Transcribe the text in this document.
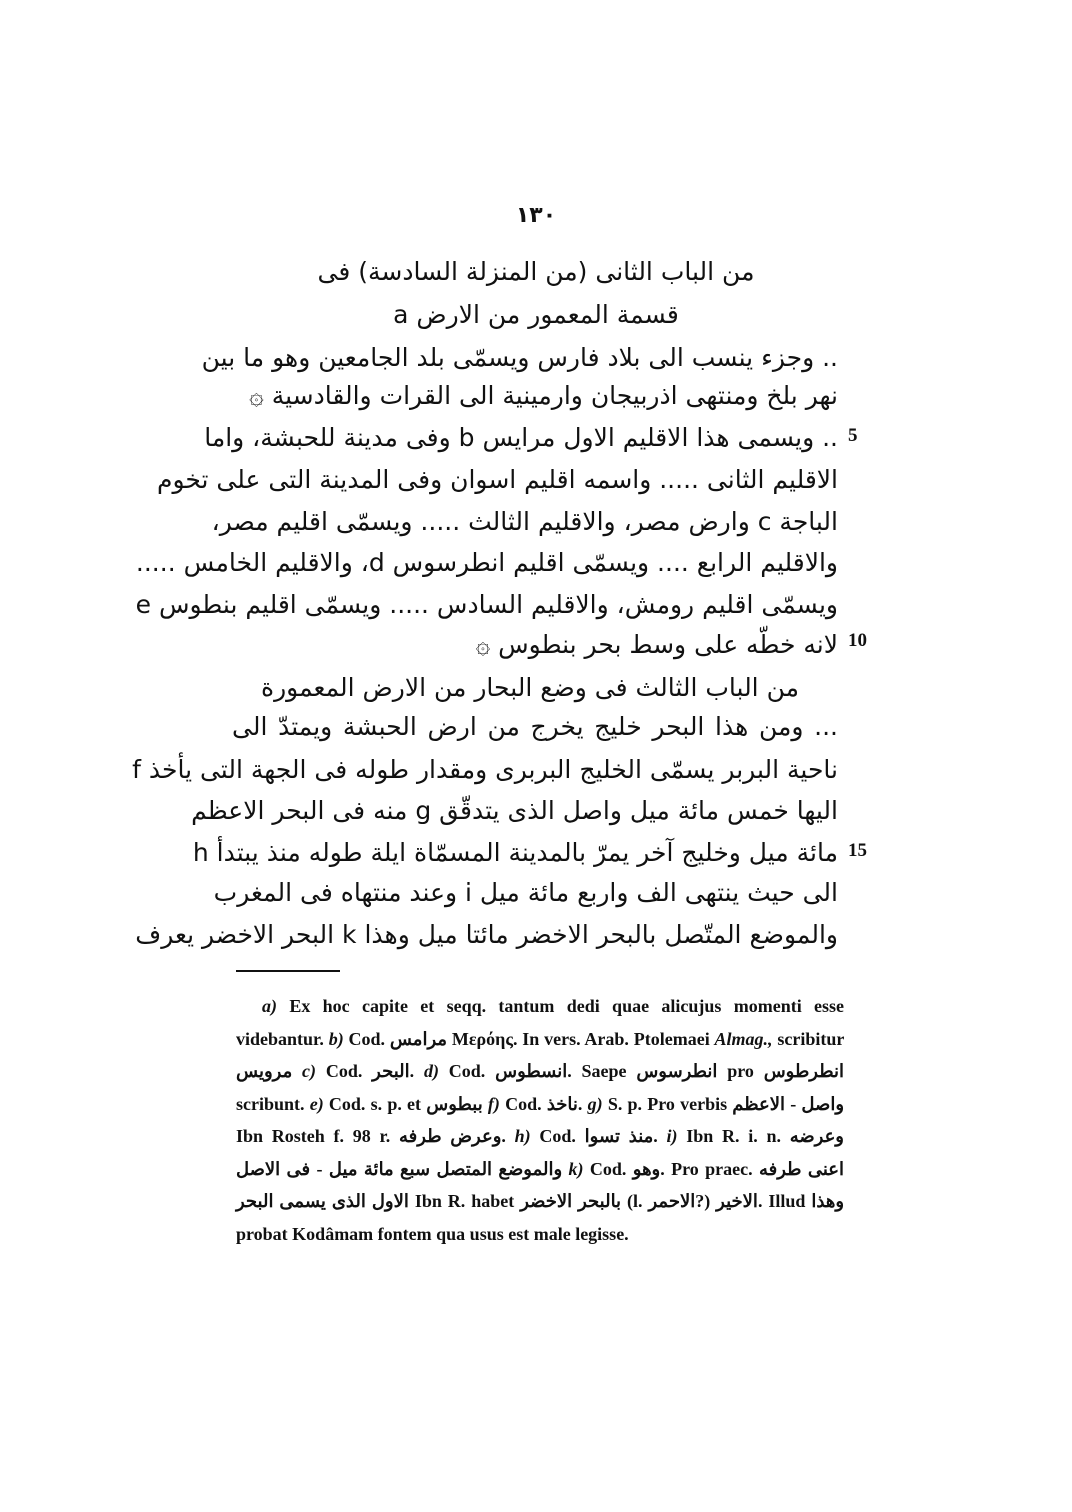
١٣٠
من الباب الثانى (من المنزلة السادسة) فى
قسمة المعمور من الارض a
.. وجزء ينسب الى بلاد فارس ويسمّى بلد الجامعين وهو ما بين
نهر بلخ ومنتهى اذربيجان وارمينية الى القرات والقادسية ۞
.. ويسمى هذا الاقليم الاول مرايس b وفى مدينة للحبشة، واما
الاقليم الثانى ..... واسمه اقليم اسوان وفى المدينة التى على تخوم
الباجة c وارض مصر، والاقليم الثالث ..... ويسمّى اقليم مصر،
والاقليم الرابع .... ويسمّى اقليم انطرسوس d، والاقليم الخامس .....
ويسمّى اقليم رومش، والاقليم السادس ..... ويسمّى اقليم بنطوس e
لانه خطّه على وسط بحر بنطوس ۞
من الباب الثالث فى وضع البحار من الارض المعمورة
... ومن هذا البحر خليج يخرج من ارض الحبشة ويمتدّ الى
ناحية البربر يسمّى الخليج البربرى ومقدار طوله فى الجهة التى يأخذ f
اليها خمس مائة ميل واصل الذى يتدقّق g منه فى البحر الاعظم
مائة ميل وخليج آخر يمرّ بالمدينة المسمّاة ايلة طوله منذ يبتدأ h
الى حيث ينتهى الف واربع مائة ميل i وعند منتهاه فى المغرب
والموضع المتّصل بالبحر الاخضر مائتا ميل وهذا k البحر الاخضر يعرف
5
10
15
a) Ex hoc capite et seqq. tantum dedi quae alicujus momenti esse videbantur. b) Cod. مرامس Μερόης. In vers. Arab. Ptolemaei Almag., scribitur مرويس c) Cod. البحر. d) Cod. انسطوس. Saepe انطرسوس pro انطرطوس scribunt. e) Cod. s. p. et ببطوس f) Cod. ناخذ. g) S. p. Pro verbis واصل - الاعظم Ibn Rosteh f. 98 r. وعرض طرفه. h) Cod. منذ تسوا. i) Ibn R. i. n. وعرضه والموضع المتصل سبع مائة ميل - فى الاصل k) Cod. وهو. Pro praec. اعنى طرفه الاول الذى يسمى البحر Ibn R. habet بالبحر الاخضر (l. الاحمر?) الاخير. Illud وهذا probat Kodâmam fontem qua usus est male legisse.
